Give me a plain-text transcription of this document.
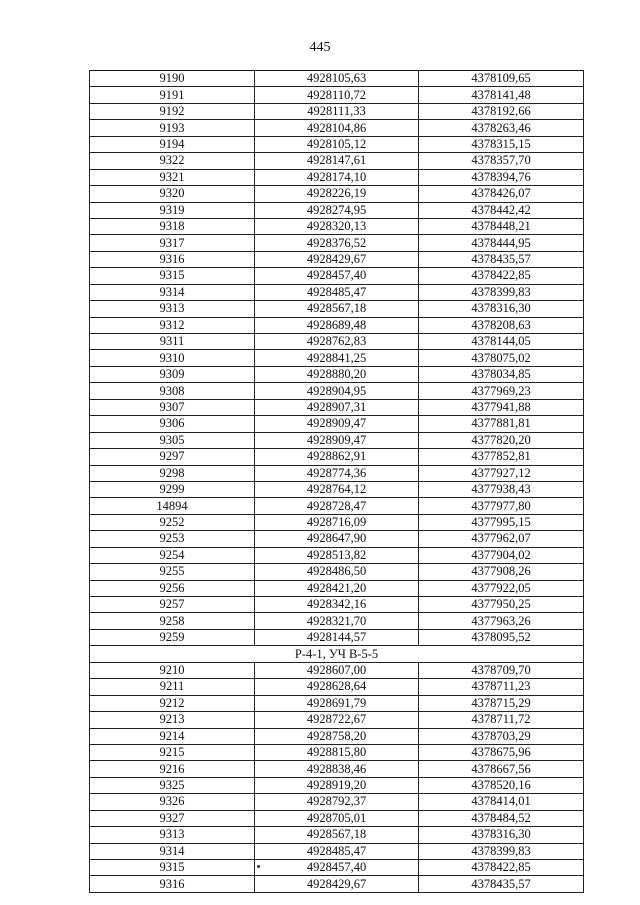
445
9190	4928105,63	4378109,65
9191	4928110,72	4378141,48
9192	4928111,33	4378192,66
9193	4928104,86	4378263,46
9194	4928105,12	4378315,15
9322	4928147,61	4378357,70
9321	4928174,10	4378394,76
9320	4928226,19	4378426,07
9319	4928274,95	4378442,42
9318	4928320,13	4378448,21
9317	4928376,52	4378444,95
9316	4928429,67	4378435,57
9315	4928457,40	4378422,85
9314	4928485,47	4378399,83
9313	4928567,18	4378316,30
9312	4928689,48	4378208,63
9311	4928762,83	4378144,05
9310	4928841,25	4378075,02
9309	4928880,20	4378034,85
9308	4928904,95	4377969,23
9307	4928907,31	4377941,88
9306	4928909,47	4377881,81
9305	4928909,47	4377820,20
9297	4928862,91	4377852,81
9298	4928774,36	4377927,12
9299	4928764,12	4377938,43
14894	4928728,47	4377977,80
9252	4928716,09	4377995,15
9253	4928647,90	4377962,07
9254	4928513,82	4377904,02
9255	4928486,50	4377908,26
9256	4928421,20	4377922,05
9257	4928342,16	4377950,25
9258	4928321,70	4377963,26
9259	4928144,57	4378095,52
Р-4-1, УЧ В-5-5		
9210	4928607,00	4378709,70
9211	4928628,64	4378711,23
9212	4928691,79	4378715,29
9213	4928722,67	4378711,72
9214	4928758,20	4378703,29
9215	4928815,80	4378675,96
9216	4928838,46	4378667,56
9325	4928919,20	4378520,16
9326	4928792,37	4378414,01
9327	4928705,01	4378484,52
9313	4928567,18	4378316,30
9314	4928485,47	4378399,83
9315	4928457,40	4378422,85
9316	4928429,67	4378435,57
